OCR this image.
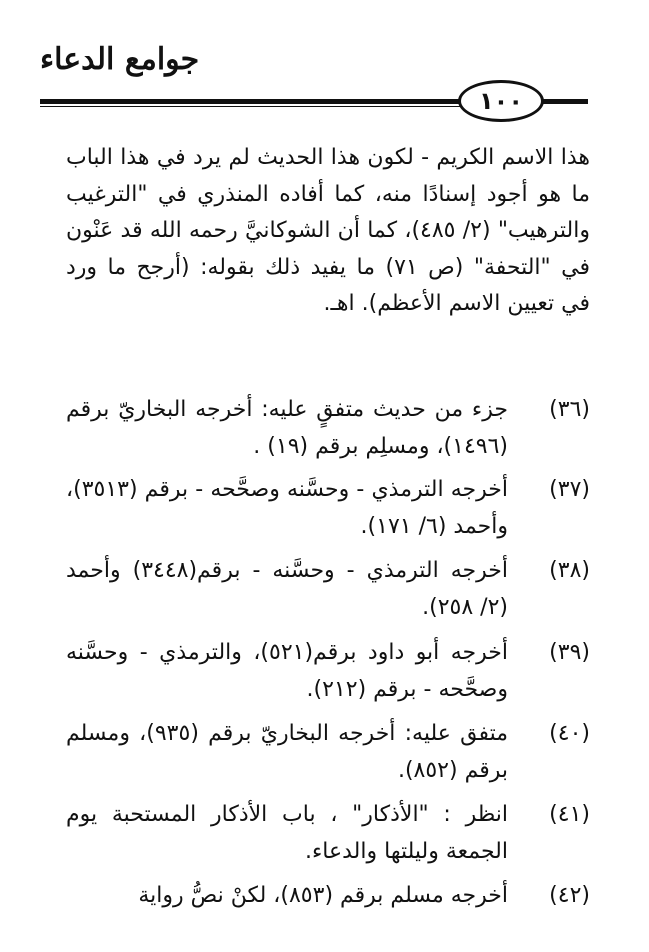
جوامع الدعاء
١٠٠

هذا الاسم الكريم - لكون هذا الحديث لم يرد في هذا الباب ما هو أجود إسنادًا منه، كما أفاده المنذري في "الترغيب والترهيب" (٢/ ٤٨٥)، كما أن الشوكانيَّ رحمه الله قد عَنْون في "التحفة" (ص ٧١) ما يفيد ذلك بقوله: (أرجح ما ورد في تعيين الاسم الأعظم). اهـ.

(٣٦)
جزء من حديث متفقٍ عليه: أخرجه البخاريّ برقم (١٤٩٦)، ومسلِم برقم (١٩) .
(٣٧)
أخرجه الترمذي - وحسَّنه وصحَّحه - برقم (٣٥١٣)، وأحمد (٦/ ١٧١).
(٣٨)
أخرجه الترمذي - وحسَّنه - برقم(٣٤٤٨) وأحمد (٢/ ٢٥٨).
(٣٩)
أخرجه أبو داود برقم(٥٢١)، والترمذي - وحسَّنه وصحَّحه - برقم (٢١٢).
(٤٠)
متفق عليه: أخرجه البخاريّ برقم (٩٣٥)، ومسلم برقم (٨٥٢).
(٤١)
انظر : "الأذكار" ، باب الأذكار المستحبة يوم الجمعة وليلتها والدعاء.
(٤٢)
أخرجه مسلم برقم (٨٥٣)، لكنْ نصُّ رواية
